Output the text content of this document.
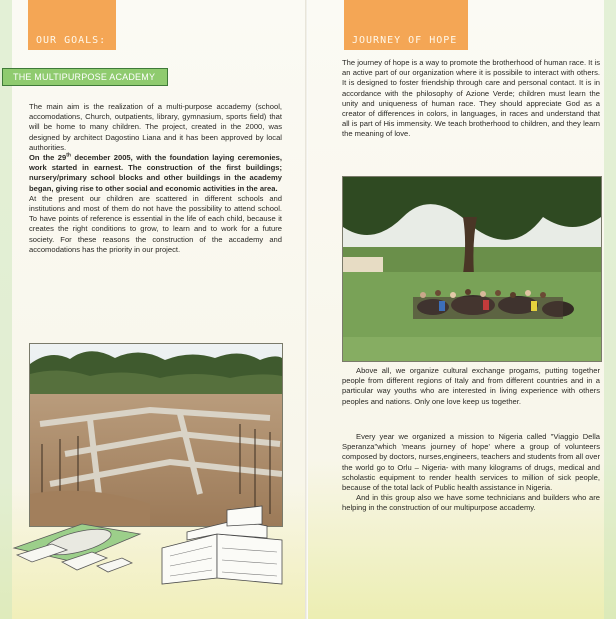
OUR GOALS:
THE MULTIPURPOSE ACADEMY

The main aim is the realization of a multi-purpose accademy (school, accomodations, Church, outpatients, library, gymnasium, sports field) that will be home to many children. The project, created in the 2000, was designed by architect Dagostino Liana and it has been approved by local authorities.

On the 29th december 2005, with the foundation laying ceremonies, work started in earnest. The construction of the first buildings; nursery/primary school blocks and other buildings in the academy began, giving rise to other social and economic activities in the area.

At the present our children are scattered in different schools and institutions and most of them do not have the possibility to attend school. To have points of reference is essential in the life of each child, because it creates the right conditions to grow, to learn and to work for a future society. For these reasons the construction of the accademy and accomodations has the priority in our project.

JOURNEY OF HOPE
The journey of hope is a way to promote the brotherhood of human race. It is an active part of our organization where it is possibile to interact with others. It is designed to foster friendship through care and personal contact. It is in accordance with the philosophy of Azione Verde; children must learn the unity and uniqueness of human race. They should appreciate God as a creator of differences in colors, in languages, in races and understand that all is part of His immensity. We teach brotherhood to children, and they learn the meaning of love.
Above all, we organize cultural exchange progams, putting together people from different regions of Italy and from different countries and in a particular way youths who are interested in living experience with others peoples and nations. Only one love keep us together.

Every year we organized a mission to Nigeria called "Viaggio Della Speranza"which 'means journey of hope' where a group of volunteers composed by doctors, nurses,engineers, teachers and students from all over the world go to Orlu – Nigeria- with many kilograms of drugs, medical and scholastic equipment to render health services to million of sick people, because of the total lack of Public health assistance in Nigeria.

And in this group also we have some technicians and builders who are helping in the construction of our multipurpose accademy.
